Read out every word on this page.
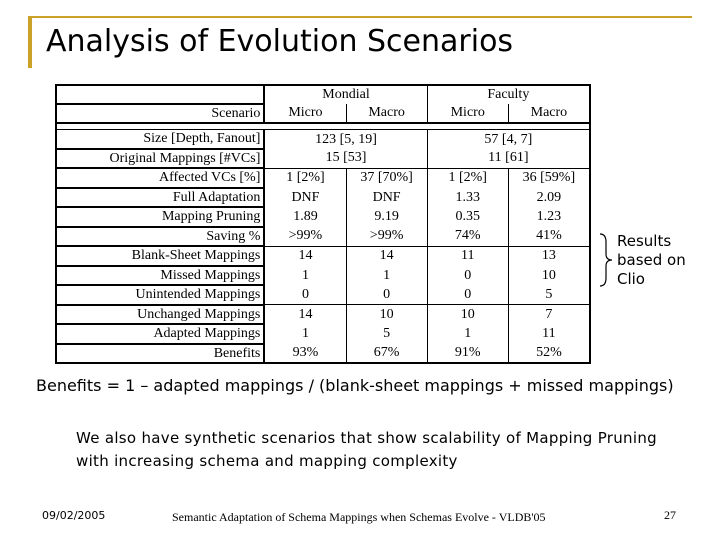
Analysis of Evolution Scenarios
	Mondial		Faculty	
Scenario	Micro	Macro	Micro	Macro

Size [Depth, Fanout]	123 [5, 19]		57 [4, 7]	
Original Mappings [#VCs]	15 [53]		11 [61]	
Affected VCs [%]	1 [2%]	37 [70%]	1 [2%]	36 [59%]
Full Adaptation	DNF	DNF	1.33	2.09
Mapping Pruning	1.89	9.19	0.35	1.23
Saving %	>99%	>99%	74%	41%
Blank-Sheet Mappings	14	14	11	13
Missed Mappings	1	1	0	10
Unintended Mappings	0	0	0	5
Unchanged Mappings	14	10	10	7
Adapted Mappings	1	5	1	11
Benefits	93%	67%	91%	52%
Results
based on
Clio
Benefits = 1 – adapted mappings / (blank-sheet mappings + missed mappings)
We also have synthetic scenarios that show scalability of Mapping Pruning with increasing schema and mapping complexity
09/02/2005	Semantic Adaptation of Schema Mappings when Schemas Evolve - VLDB'05	27
